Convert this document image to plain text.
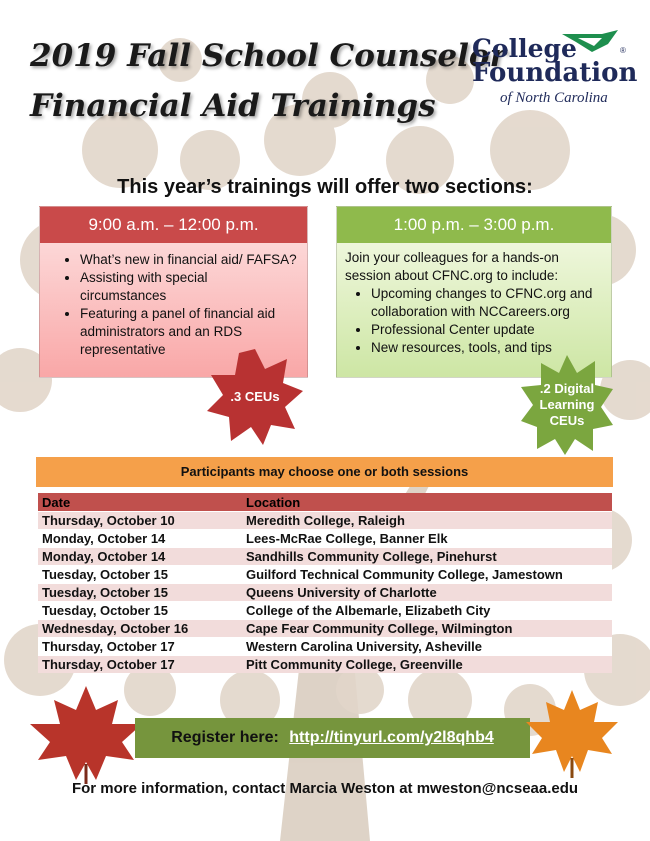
2019 Fall School Counselor
Financial Aid Trainings
College	®
Foundation
of North Carolina
This year’s trainings will offer two sections:
9:00 a.m. – 12:00 p.m.
• What’s new in financial aid/ FAFSA?
• Assisting with special circumstances
• Featuring a panel of financial aid administrators and an RDS representative
1:00 p.m. – 3:00 p.m.
Join your colleagues for a hands-on session about CFNC.org to include:
• Upcoming changes to CFNC.org and collaboration with NCCareers.org
• Professional Center update
• New resources, tools, and tips
.3 CEUs
.2 Digital Learning CEUs
Participants may choose one or both sessions
Date	Location
Thursday, October 10	Meredith College, Raleigh
Monday, October 14	Lees-McRae College, Banner Elk
Monday, October 14	Sandhills Community College, Pinehurst
Tuesday, October 15	Guilford Technical Community College, Jamestown
Tuesday, October 15	Queens University of Charlotte
Tuesday, October 15	College of the Albemarle, Elizabeth City
Wednesday, October 16	Cape Fear Community College, Wilmington
Thursday, October 17	Western Carolina University, Asheville
Thursday, October 17	Pitt Community College, Greenville
Register here: http://tinyurl.com/y2l8qhb4
For more information, contact Marcia Weston at mweston@ncseaa.edu
